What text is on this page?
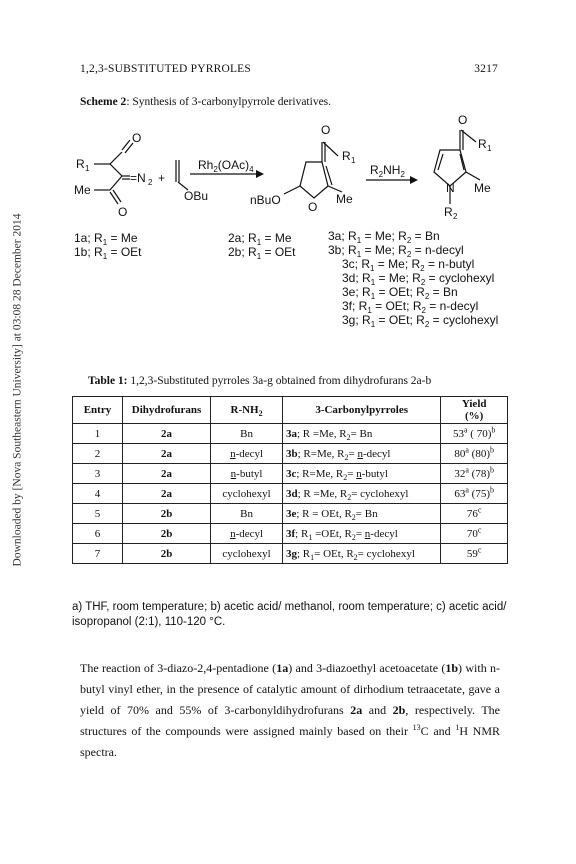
Downloaded by [Nova Southeastern University] at 03:08 28 December 2014
1,2,3-SUBSTITUTED PYRROLES	3217
Scheme 2: Synthesis of 3-carbonylpyrrole derivatives.
O
R 1
=N 2 +
Me
O
OBu
$Rh_2(OAc)_4$
O
R 1
Me
O
nBuO
$R_2NH_2$
O
R 1
Me
N
R 2
1a; $R_1 = Me$
1b; $R_1$ = OEt
2a; $R_1 = Me$
2b; $R_1$ = OEt
3a; $R_1 = Me$; $R_2 = Bn$
3b; $R_1 = Me$; $R_2$ = n-decyl
3c; $R_1 = Me$; $R_2$ = n-butyl
3d; $R_1 = Me$; $R_2$ = cyclohexyl
3e; $R_1$ = OEt; $R_2 = Bn$
3f; $R_1$ = OEt; $R_2$ = n-decyl
3g; $R_1$ = OEt; $R_2$ = cyclohexyl
Table 1: 1,2,3-Substituted pyrroles 3a-g obtained from dihydrofurans 2a-b
Entry	Dihydrofurans	$R-NH_2$	3-Carbonylpyrroles	Yield
(%)
1	2a	Bn	3a; R =Me, $R_2= Bn$	53$^a$ ( 70)$^b$
2	2a	n-decyl	3b; R=Me, $R_2=$ n-decyl	80$^a$ $(80)^b$
3	2a	n-butyl	3c; R=Me, $R_2=$ n-butyl	32$^a$ $(78)^b$
4	2a	cyclohexyl	3d; R =Me, $R_2=$ cyclohexyl	63$^a$ $(75)^b$
5	2b	Bn	3e; R = OEt, $R_2= Bn$	76$^c$
6	2b	n-decyl	3f; $R_1 =OEt$, $R_2=$ n-decyl	70$^c$
7	2b	cyclohexyl	3g; $R_1=$ OEt, $R_2=$ cyclohexyl	59$^c$
a) THF, room temperature; b) acetic acid/ methanol, room temperature; c) acetic acid/ isopropanol (2:1), 110-120 °C.
The reaction of 3-diazo-2,4-pentadione (1a) and 3-diazoethyl acetoacetate (1b) with n-butyl vinyl ether, in the presence of catalytic amount of dirhodium tetraacetate, gave a yield of 70% and 55% of 3-carbonyldihydrofurans 2a and 2b, respectively. The structures of the compounds were assigned mainly based on their $^{13}$C and $^1$H NMR spectra.
